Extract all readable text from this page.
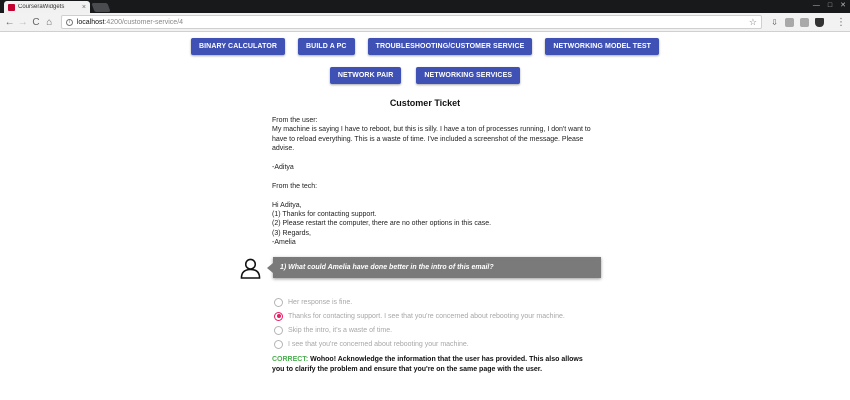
CourseraWidgets	×	— □ ✕
← → C ⌂	i localhost :4200/customer-service/4	☆ ⇩	⋮
BINARY CALCULATOR	BUILD A PC	TROUBLESHOOTING/CUSTOMER SERVICE	NETWORKING MODEL TEST
NETWORK PAIR	NETWORKING SERVICES
Customer Ticket

From the user:

My machine is saying I have to reboot, but this is silly. I have a ton of processes running, I don't want to have to reload everything. This is a waste of time. I've included a screenshot of the message. Please advise.

-Aditya

From the tech:

Hi Aditya,

(1) Thanks for contacting support.

(2) Please restart the computer, there are no other options in this case.

(3) Regards,

-Amelia

1) What could Amelia have done better in the intro of this email?
Her response is fine.
Thanks for contacting support. I see that you're concerned about rebooting your machine.
Skip the intro, it's a waste of time.
I see that you're concerned about rebooting your machine.
CORRECT: Wohoo! Acknowledge the information that the user has provided. This also allows you to clarify the problem and ensure that you're on the same page with the user.
